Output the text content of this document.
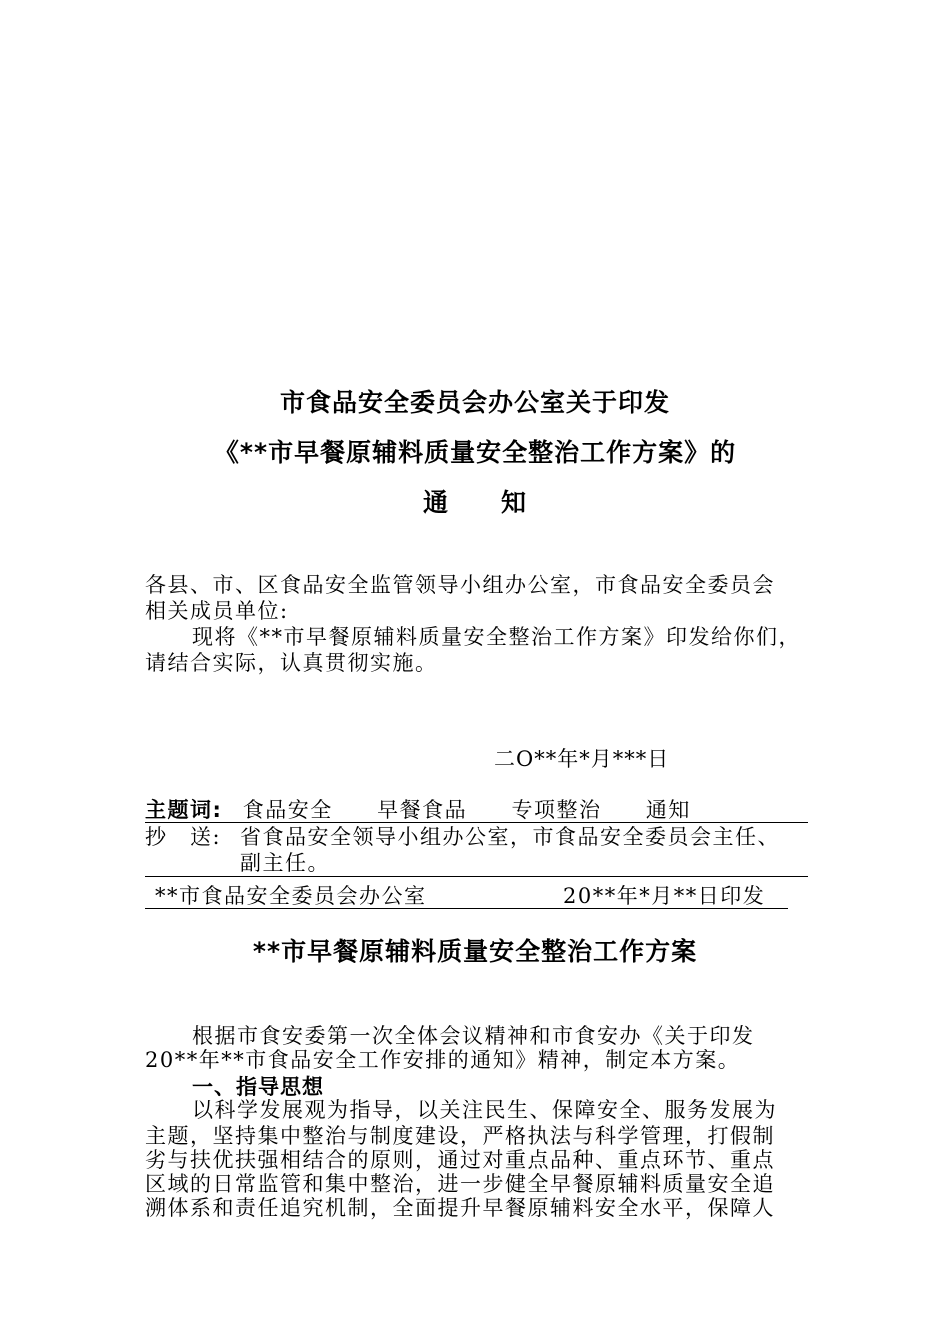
市食品安全委员会办公室关于印发
《**市早餐原辅料质量安全整治工作方案》的
通　　知
各县、市、区食品安全监管领导小组办公室，市食品安全委员会
相关成员单位:
现将《**市早餐原辅料质量安全整治工作方案》印发给你们，
请结合实际，认真贯彻实施。
二O**年*月***日
主题词: 食品安全 早餐食品 专项整治 通知
抄　送: 省食品安全领导小组办公室，市食品安全委员会主任、
副主任。
**市食品安全委员会办公室	20**年*月**日印发
**市早餐原辅料质量安全整治工作方案
根据市食安委第一次全体会议精神和市食安办《关于印发
20**年**市食品安全工作安排的通知》精神，制定本方案。
一、指导思想
以科学发展观为指导，以关注民生、保障安全、服务发展为
主题，坚持集中整治与制度建设，严格执法与科学管理，打假制
劣与扶优扶强相结合的原则，通过对重点品种、重点环节、重点
区域的日常监管和集中整治，进一步健全早餐原辅料质量安全追
溯体系和责任追究机制，全面提升早餐原辅料安全水平，保障人
